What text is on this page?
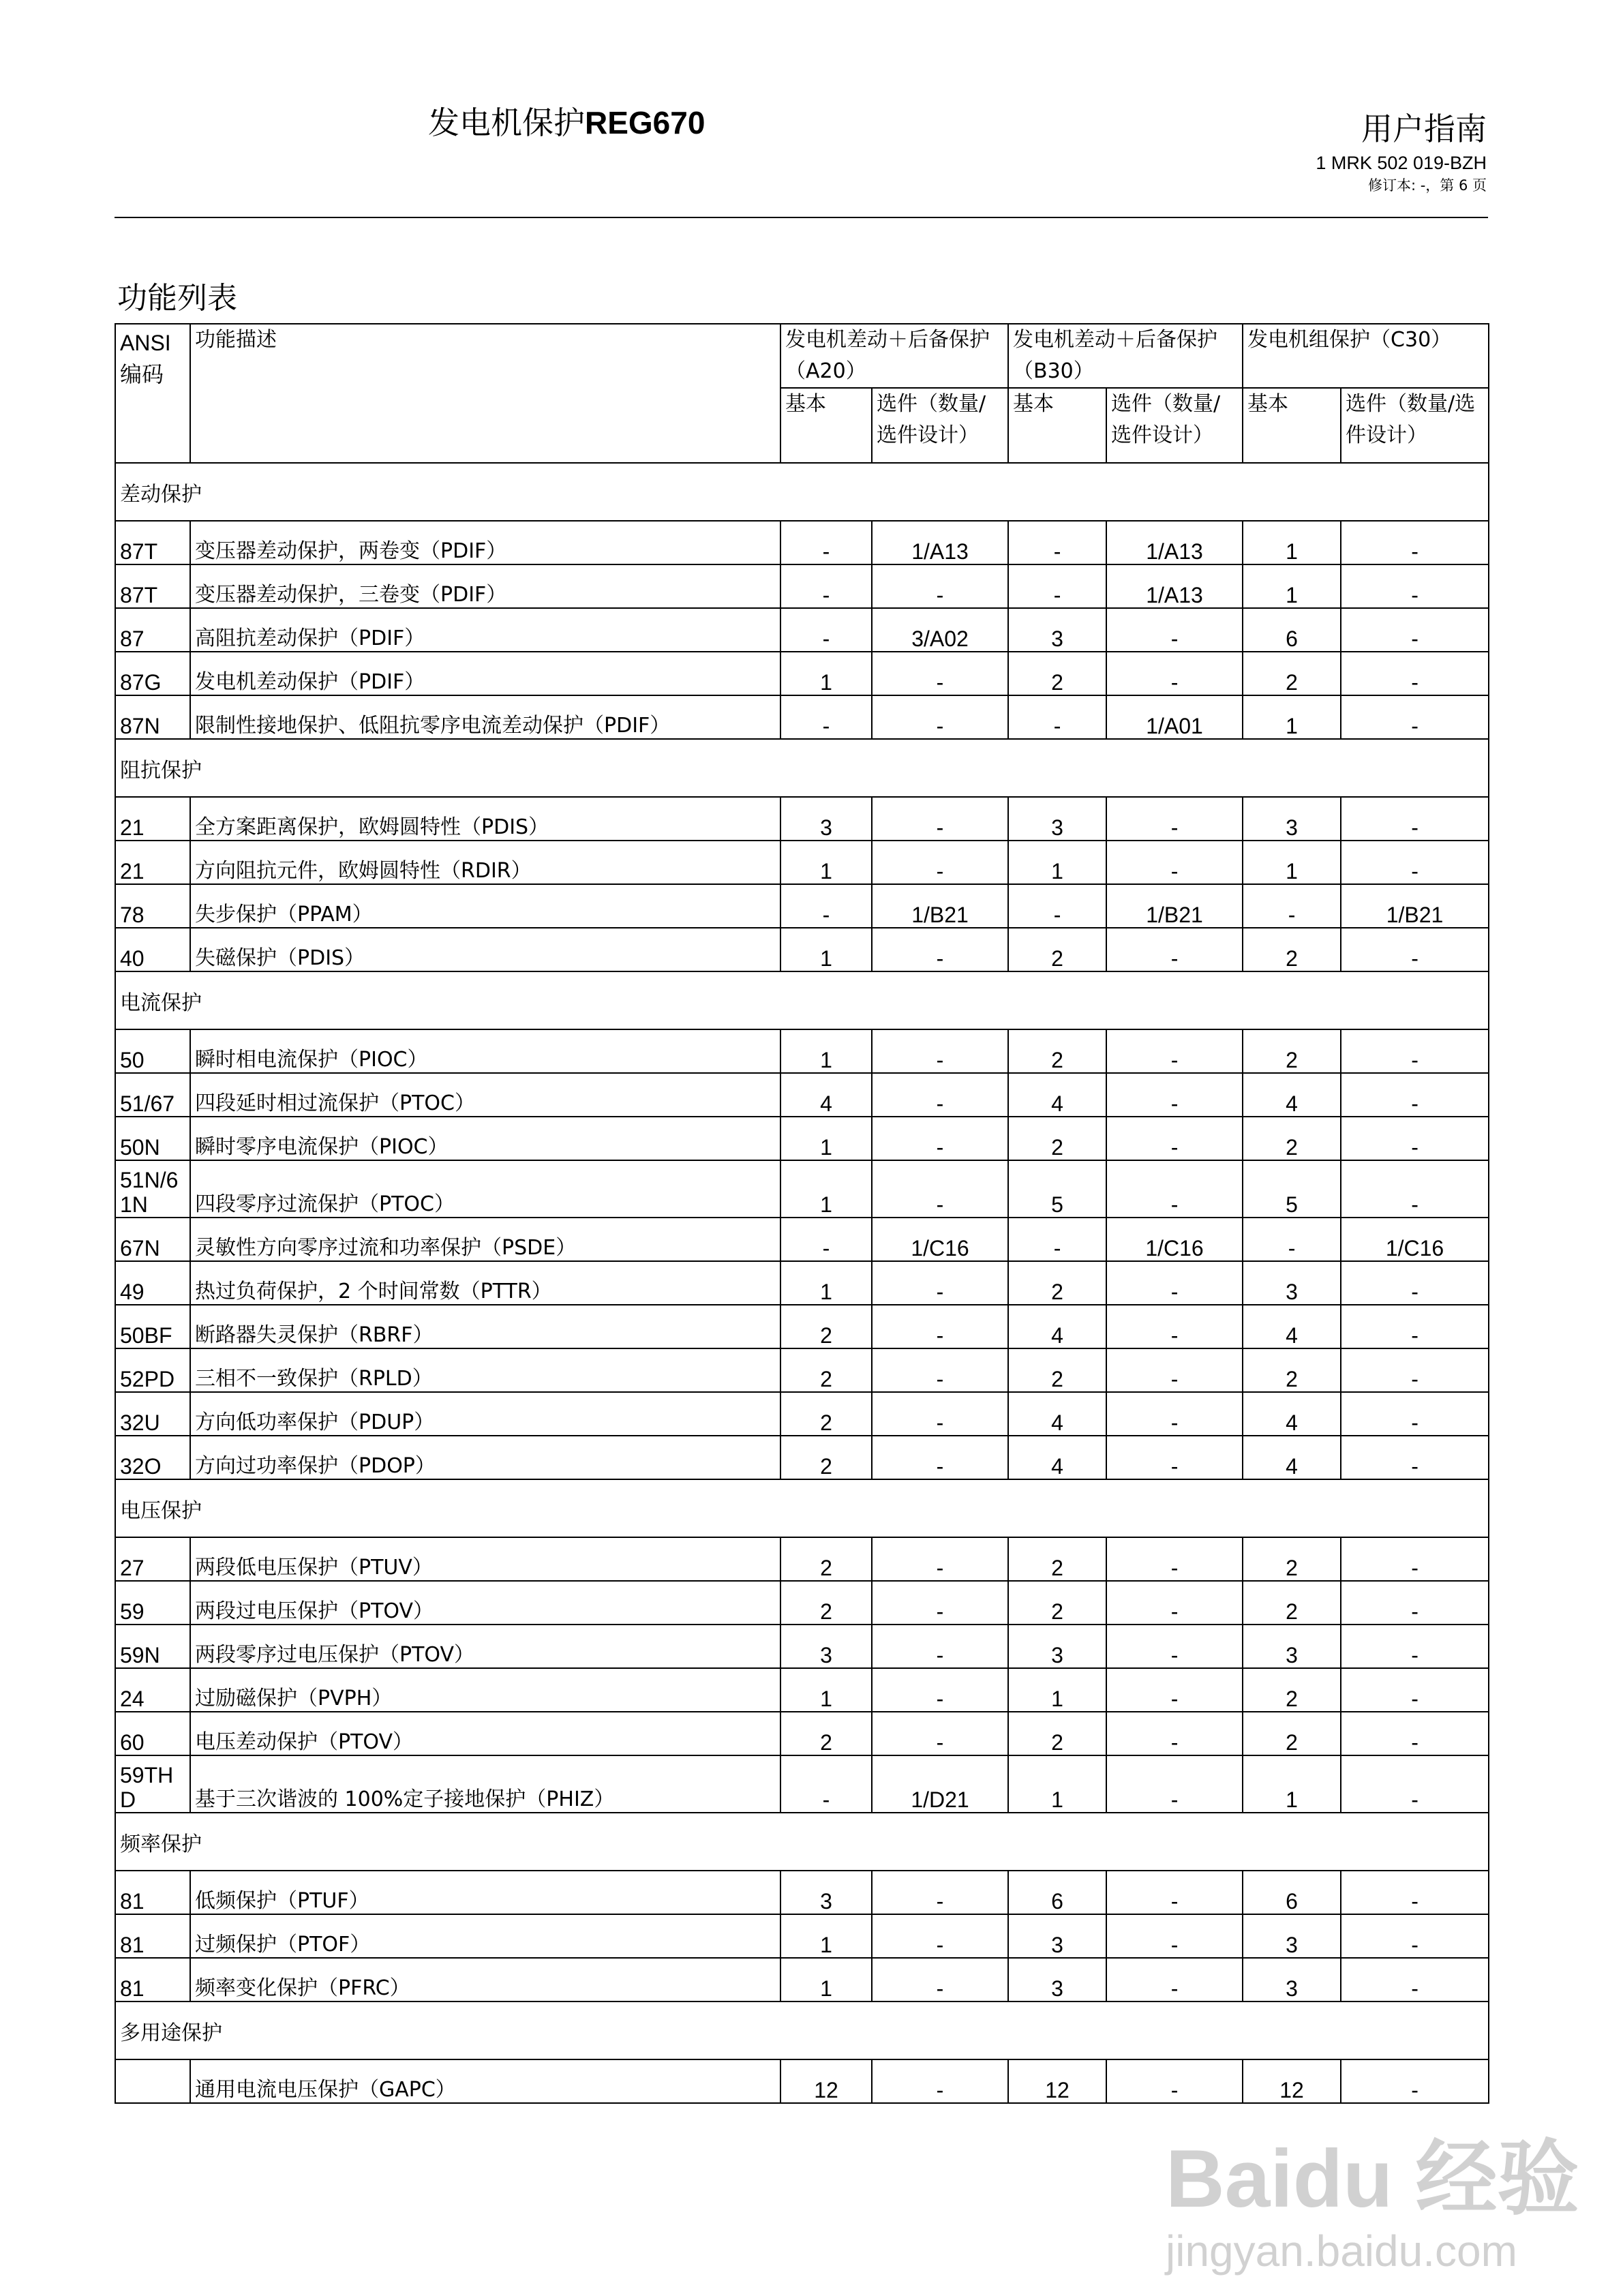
发电机保护REG670	用户指南
1 MRK 502 019-BZH
修订本: -，第 6 页
功能列表
ANSI编码	功能描述	发电机差动＋后备保护 （A20）		发电机差动＋后备保护 （B30）		发电机组保护（C30）	
		基本	选件（数量/选件设计）	基本	选件（数量/选件设计）	基本	选件（数量/选件设计）
差动保护							
87T	变压器差动保护，两卷变（PDIF）	-	1/A13	-	1/A13	1	-
87T	变压器差动保护，三卷变（PDIF）	-	-	-	1/A13	1	-
87	高阻抗差动保护（PDIF）	-	3/A02	3	-	6	-
87G	发电机差动保护（PDIF）	1	-	2	-	2	-
87N	限制性接地保护、低阻抗零序电流差动保护（PDIF）	-	-	-	1/A01	1	-
阻抗保护							
21	全方案距离保护，欧姆圆特性（PDIS）	3	-	3	-	3	-
21	方向阻抗元件，欧姆圆特性（RDIR）	1	-	1	-	1	-
78	失步保护（PPAM）	-	1/B21	-	1/B21	-	1/B21
40	失磁保护（PDIS）	1	-	2	-	2	-
电流保护							
50	瞬时相电流保护（PIOC）	1	-	2	-	2	-
51/67	四段延时相过流保护（PTOC）	4	-	4	-	4	-
50N	瞬时零序电流保护（PIOC）	1	-	2	-	2	-
51N/61N	四段零序过流保护（PTOC）	1	-	5	-	5	-
67N	灵敏性方向零序过流和功率保护（PSDE）	-	1/C16	-	1/C16	-	1/C16
49	热过负荷保护，2 个时间常数（PTTR）	1	-	2	-	3	-
50BF	断路器失灵保护（RBRF）	2	-	4	-	4	-
52PD	三相不一致保护（RPLD）	2	-	2	-	2	-
32U	方向低功率保护（PDUP）	2	-	4	-	4	-
32O	方向过功率保护（PDOP）	2	-	4	-	4	-
电压保护							
27	两段低电压保护（PTUV）	2	-	2	-	2	-
59	两段过电压保护（PTOV）	2	-	2	-	2	-
59N	两段零序过电压保护（PTOV）	3	-	3	-	3	-
24	过励磁保护（PVPH）	1	-	1	-	2	-
60	电压差动保护（PTOV）	2	-	2	-	2	-
59THD	基于三次谐波的 100%定子接地保护（PHIZ）	-	1/D21	1	-	1	-
频率保护							
81	低频保护（PTUF）	3	-	6	-	6	-
81	过频保护（PTOF）	1	-	3	-	3	-
81	频率变化保护（PFRC）	1	-	3	-	3	-
多用途保护							
	通用电流电压保护（GAPC）	12	-	12	-	12	-
Baidu 经验
jingyan.baidu.com
